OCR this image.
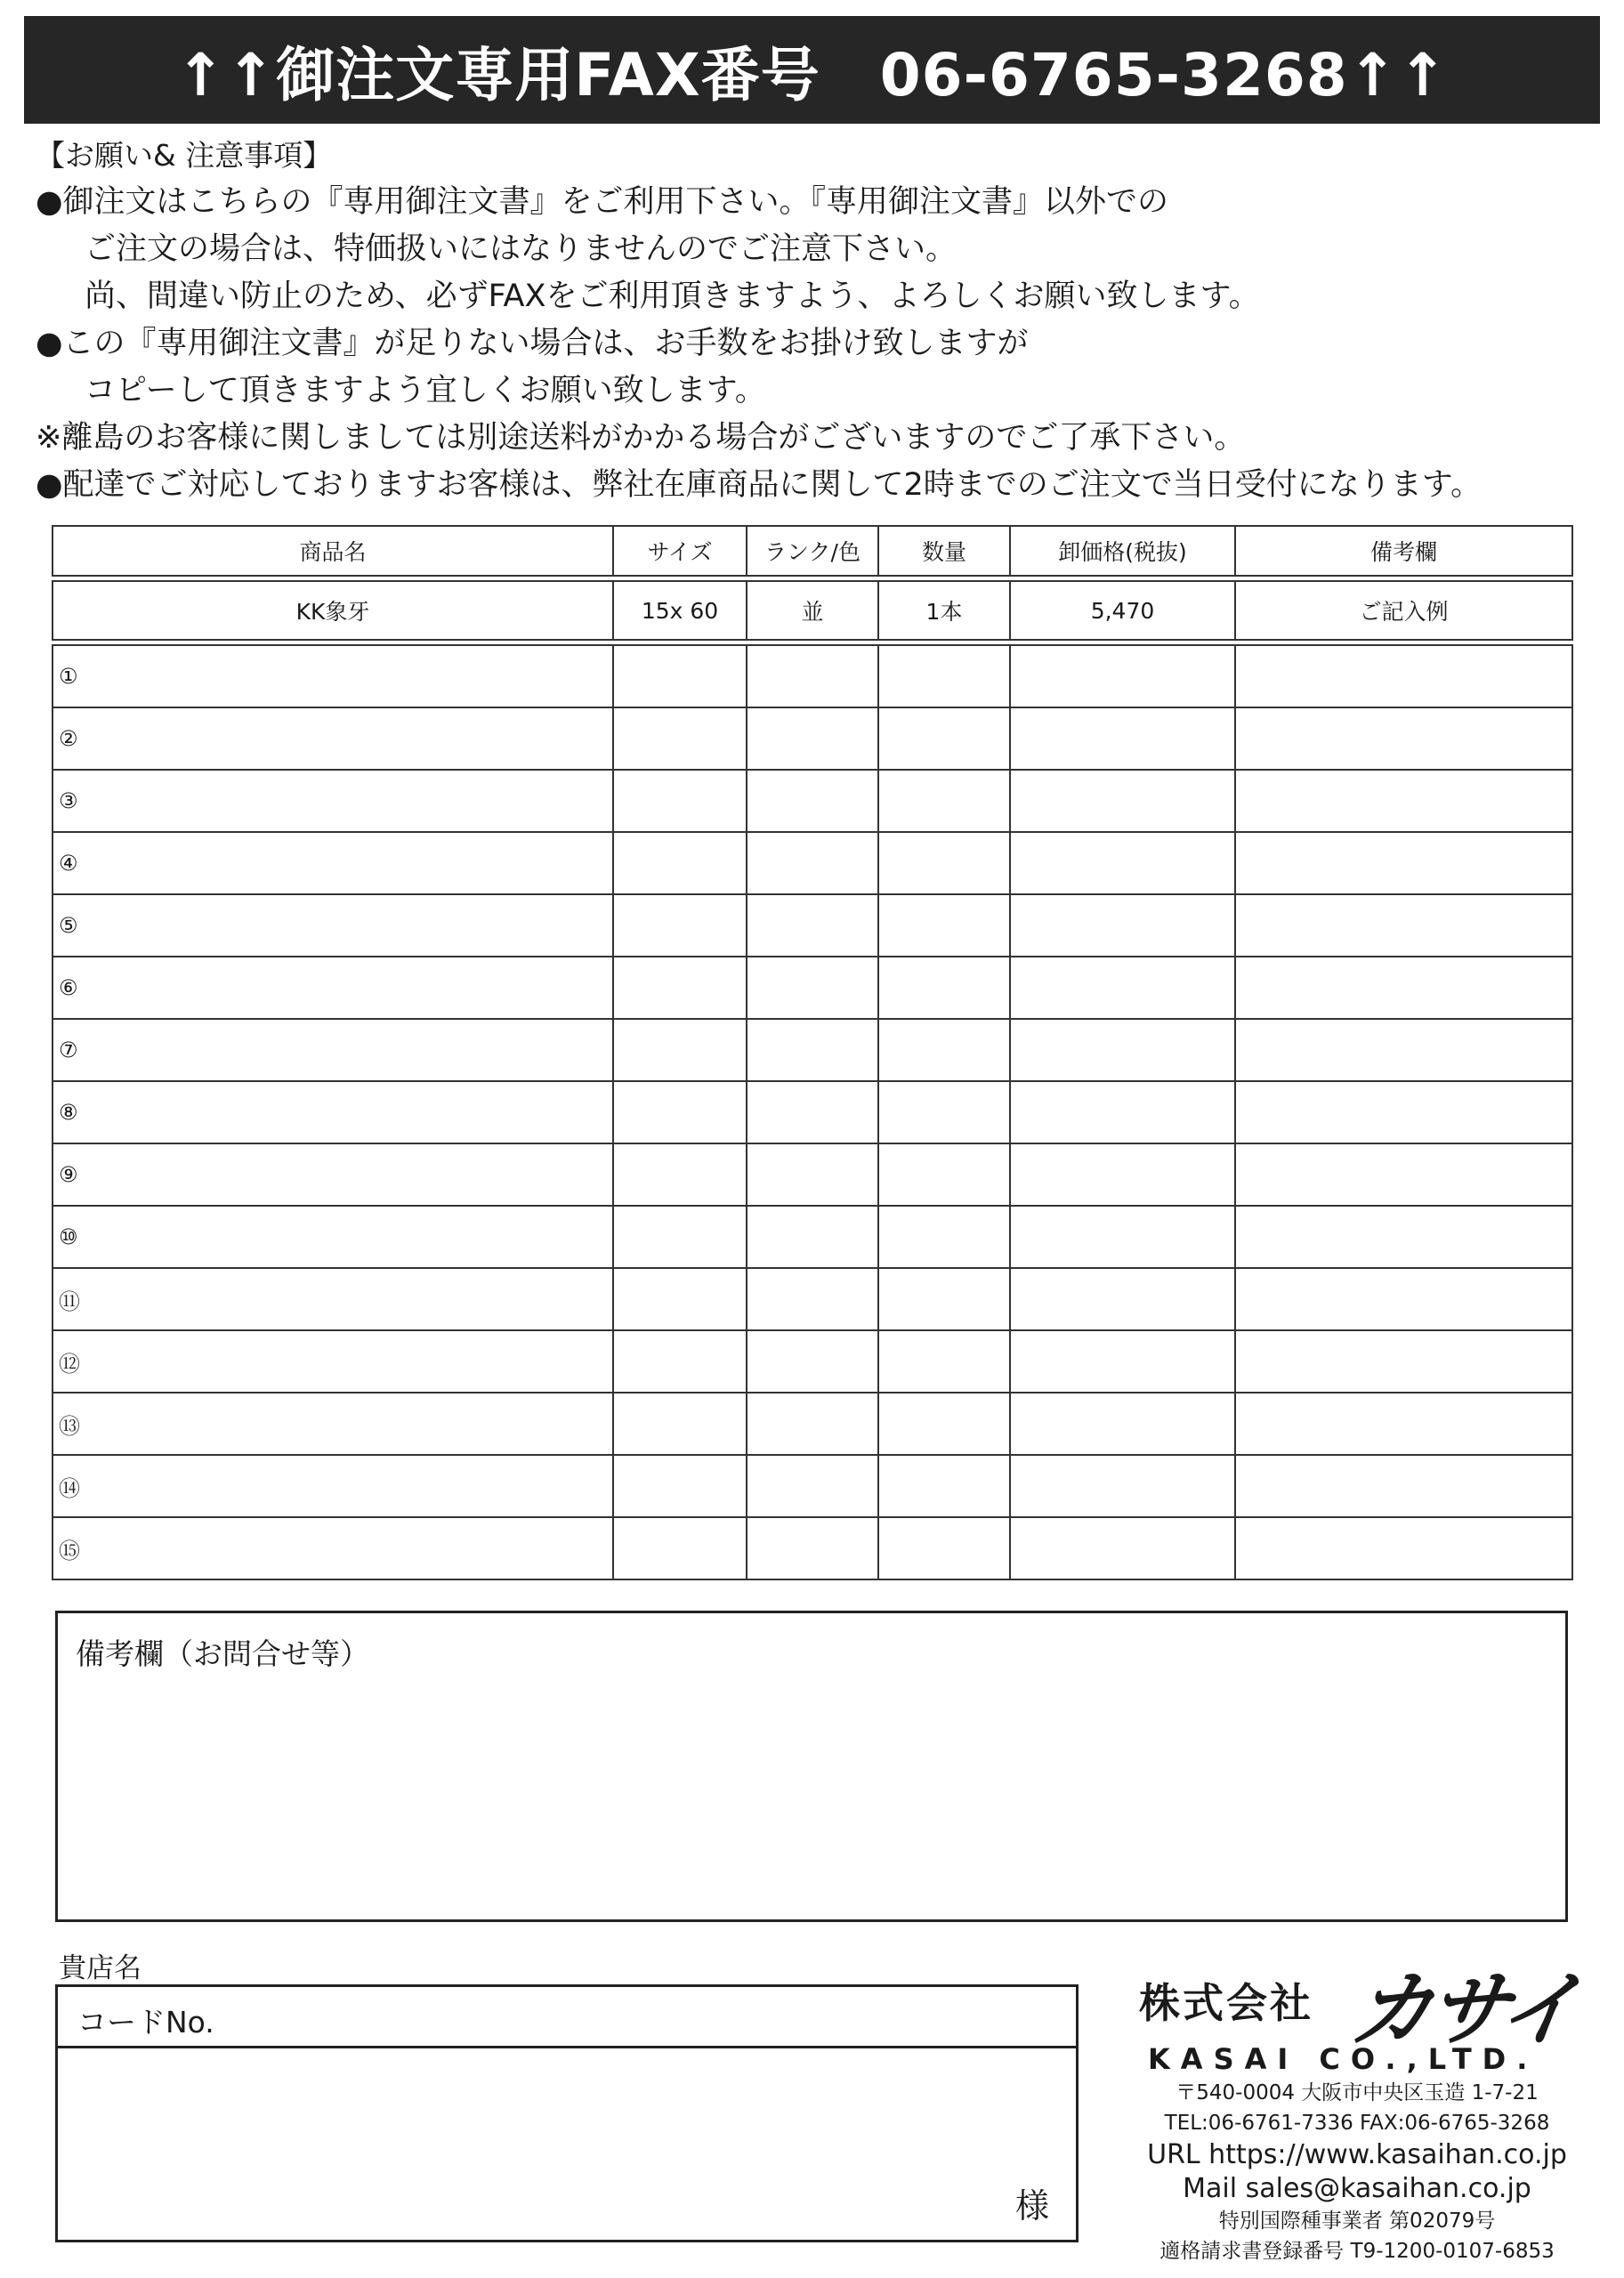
↑↑御注文専用FAX番号　06-6765-3268↑↑
【お願い& 注意事項】
●御注文はこちらの『専用御注文書』をご利用下さい。『専用御注文書』以外での
ご注文の場合は、特価扱いにはなりませんのでご注意下さい。
尚、間違い防止のため、必ずFAXをご利用頂きますよう、よろしくお願い致します。
●この『専用御注文書』が足りない場合は、お手数をお掛け致しますが
コピーして頂きますよう宜しくお願い致します。
※離島のお客様に関しましては別途送料がかかる場合がございますのでご了承下さい。
●配達でご対応しておりますお客様は、弊社在庫商品に関して2時までのご注文で当日受付になります。
商品名	サイズ	ランク/色	数量	卸価格(税抜)	備考欄

KK象牙	15x 60	並	1本	5,470	ご記入例

①					
②					
③					
④					
⑤					
⑥					
⑦					
⑧					
⑨					
⑩					
⑪					
⑫					
⑬					
⑭					
⑮					
備考欄（お問合せ等）
貴店名
コードNo.
様
株式会社 カサイ
KASAI CO.,LTD.
〒540-0004 大阪市中央区玉造 1-7-21
TEL:06-6761-7336 FAX:06-6765-3268
URL https://www.kasaihan.co.jp
Mail sales@kasaihan.co.jp
特別国際種事業者 第02079号
適格請求書登録番号 T9-1200-0107-6853
